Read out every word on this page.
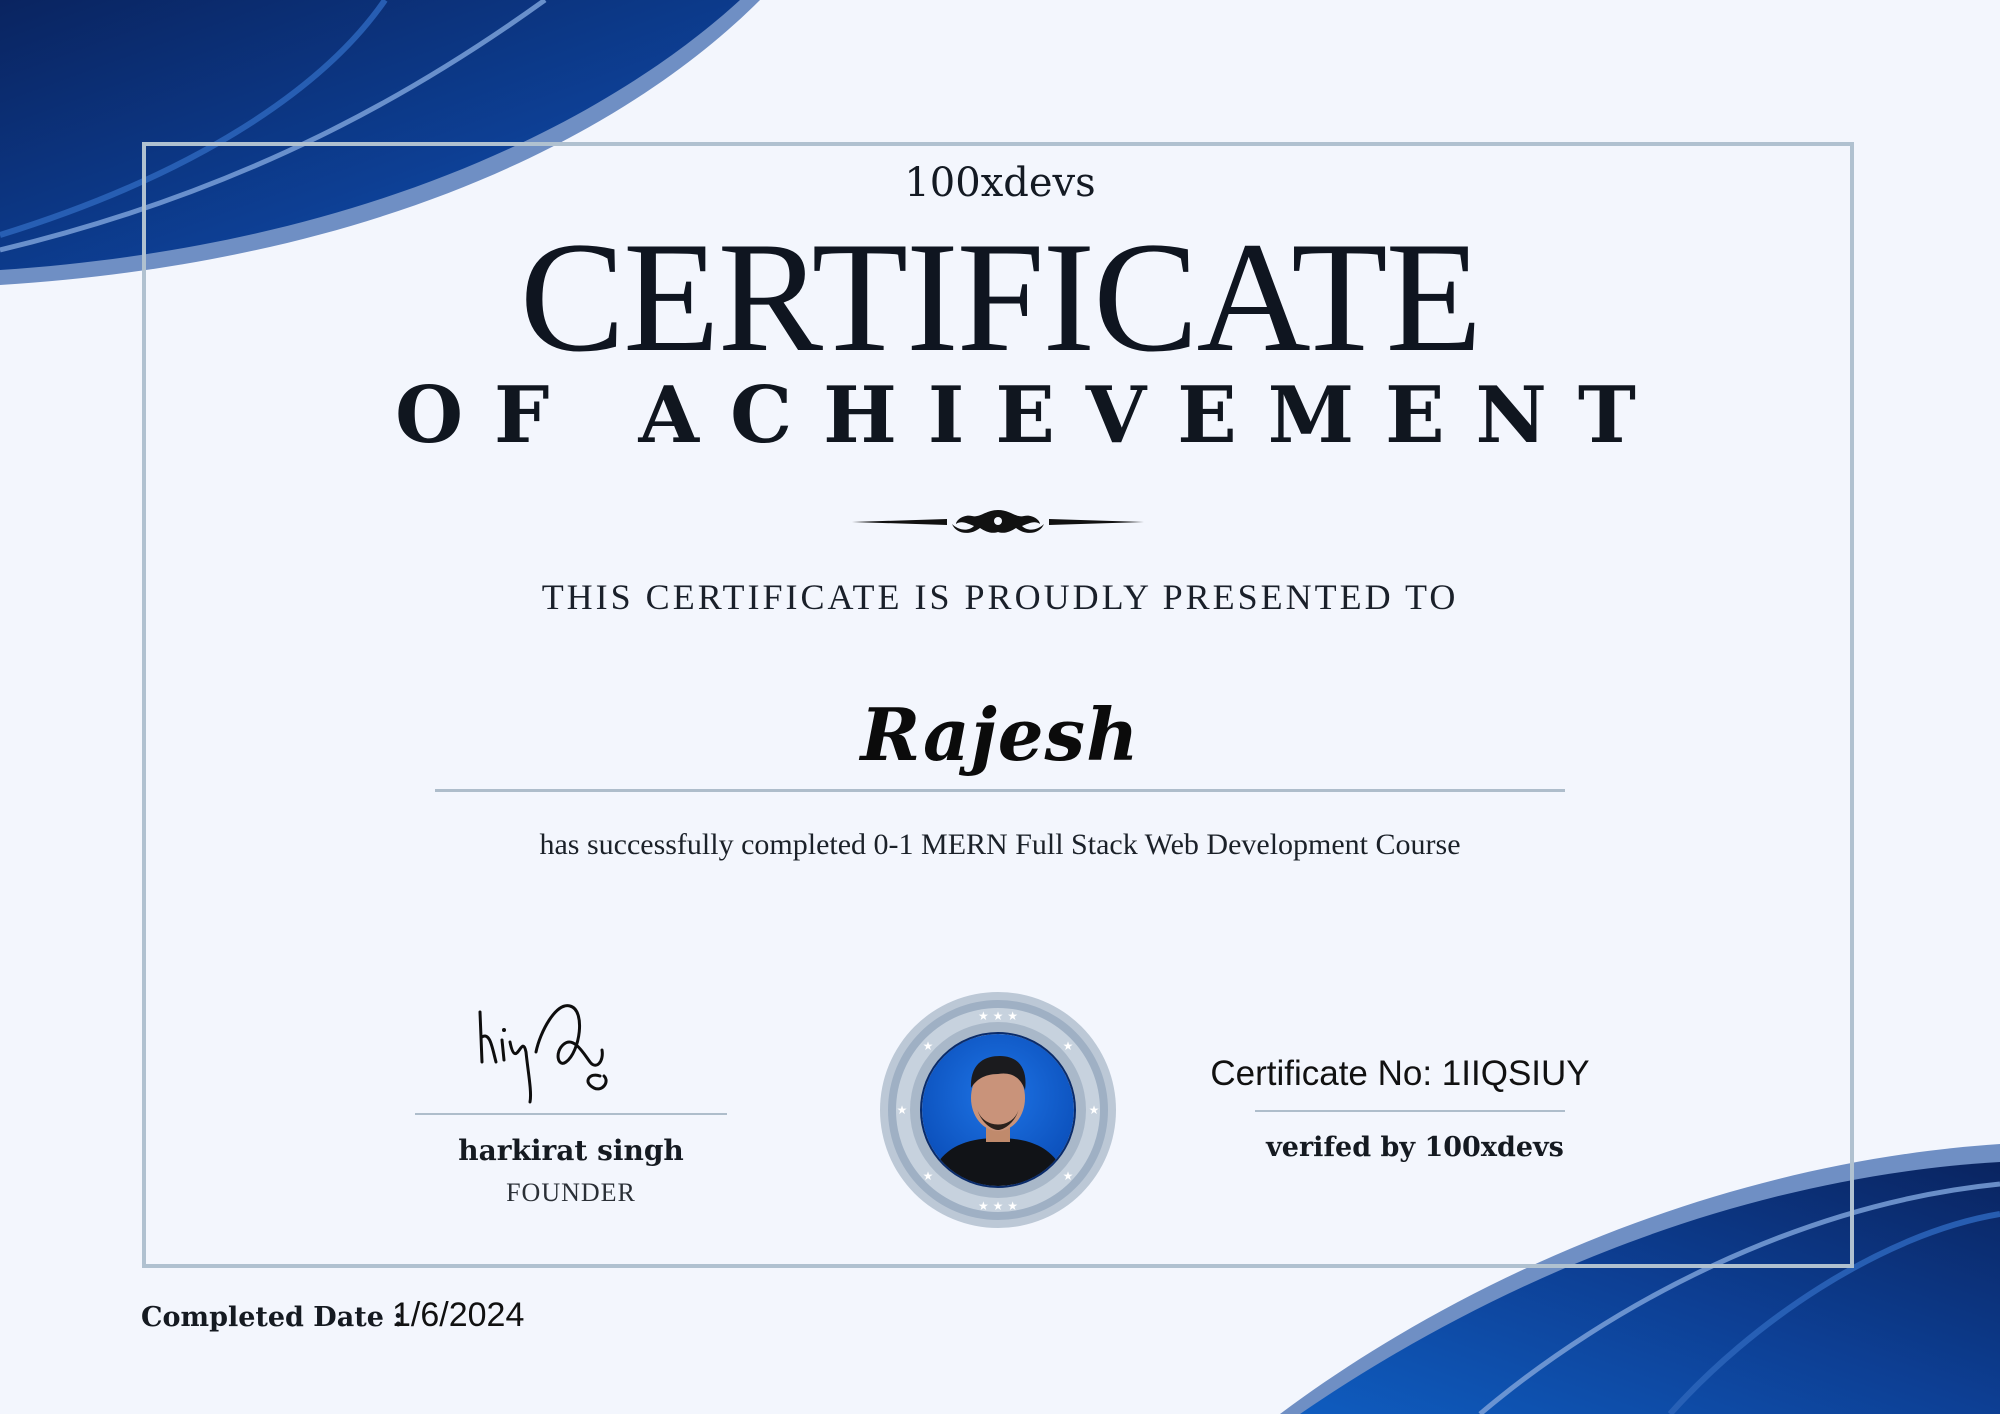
100xdevs
CERTIFICATE
OF ACHIEVEMENT
THIS CERTIFICATE IS PROUDLY PRESENTED TO
Rajesh
has successfully completed 0-1 MERN Full Stack Web Development Course
harkirat singh
FOUNDER
★ ★ ★
★ ★ ★
★	★
★	★
★	★
Certificate No: 1IIQSIUY
verifed by 100xdevs
Completed Date :
1/6/2024
